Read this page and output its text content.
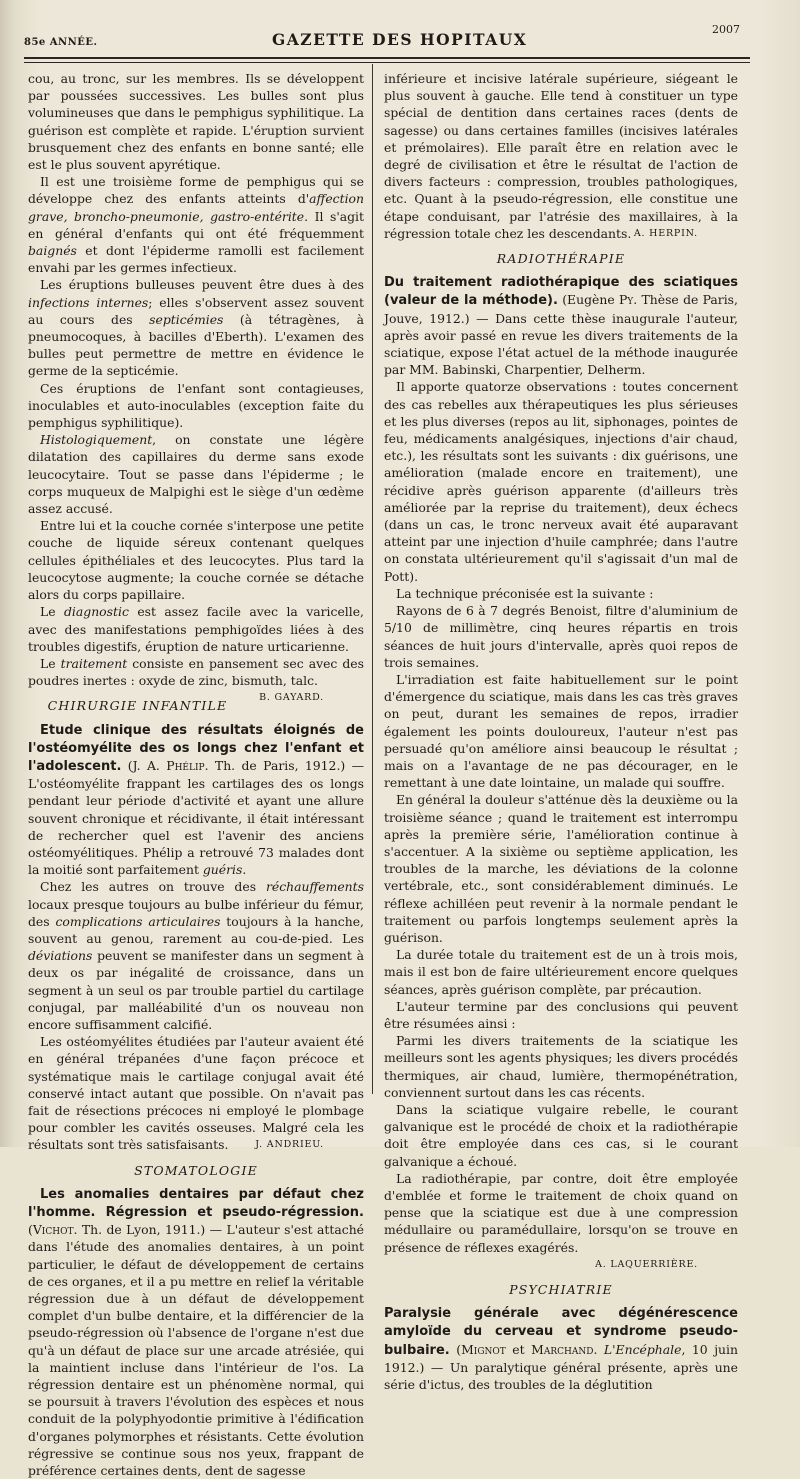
85e ANNÉE.	GAZETTE DES HOPITAUX
2007

cou, au tronc, sur les membres. Ils se développent par poussées successives. Les bulles sont plus volumineuses que dans le pemphigus syphilitique. La guérison est complète et rapide. L'éruption survient brusquement chez des enfants en bonne santé; elle est le plus souvent apyrétique.

Il est une troisième forme de pemphigus qui se développe chez des enfants atteints d'affection grave, broncho-pneumonie, gastro-entérite. Il s'agit en général d'enfants qui ont été fréquemment baignés et dont l'épiderme ramolli est facilement envahi par les germes infectieux.

Les éruptions bulleuses peuvent être dues à des infections internes; elles s'observent assez souvent au cours des septicémies (à tétragènes, à pneumocoques, à bacilles d'Eberth). L'examen des bulles peut permettre de mettre en évidence le germe de la septicémie.

Ces éruptions de l'enfant sont contagieuses, inoculables et auto-inoculables (exception faite du pemphigus syphilitique).

Histologiquement, on constate une légère dilatation des capillaires du derme sans exode leucocytaire. Tout se passe dans l'épiderme ; le corps muqueux de Malpighi est le siège d'un œdème assez accusé.

Entre lui et la couche cornée s'interpose une petite couche de liquide séreux contenant quelques cellules épithéliales et des leucocytes. Plus tard la leucocytose augmente; la couche cornée se détache alors du corps papillaire.

Le diagnostic est assez facile avec la varicelle, avec des manifestations pemphigoïdes liées à des troubles digestifs, éruption de nature urticarienne.

Le traitement consiste en pansement sec avec des poudres inertes : oxyde de zinc, bismuth, talc.
B. GAYARD.

CHIRURGIE INFANTILE

Etude clinique des résultats éloignés de l'ostéomyélite des os longs chez l'enfant et l'adolescent. (J. A. Phélip. Th. de Paris, 1912.) — L'ostéomyélite frappant les cartilages des os longs pendant leur période d'activité et ayant une allure souvent chronique et récidivante, il était intéressant de rechercher quel est l'avenir des anciens ostéomyélitiques. Phélip a retrouvé 73 malades dont la moitié sont parfaitement guéris.

Chez les autres on trouve des réchauffements locaux presque toujours au bulbe inférieur du fémur, des complications articulaires toujours à la hanche, souvent au genou, rarement au cou-de-pied. Les déviations peuvent se manifester dans un segment à deux os par inégalité de croissance, dans un segment à un seul os par trouble partiel du cartilage conjugal, par malléabilité d'un os nouveau non encore suffisamment calcifié.

Les ostéomyélites étudiées par l'auteur avaient été en général trépanées d'une façon précoce et systématique mais le cartilage conjugal avait été conservé intact autant que possible. On n'avait pas fait de résections précoces ni employé le plombage pour combler les cavités osseuses. Malgré cela les résultats sont très satisfaisants.	J. ANDRIEU.

STOMATOLOGIE

Les anomalies dentaires par défaut chez l'homme. Régression et pseudo-régression. (Vichot. Th. de Lyon, 1911.) — L'auteur s'est attaché dans l'étude des anomalies dentaires, à un point particulier, le défaut de développement de certains de ces organes, et il a pu mettre en relief la véritable régression due à un défaut de développement complet d'un bulbe dentaire, et la différencier de la pseudo-régression où l'absence de l'organe n'est due qu'à un défaut de place sur une arcade atrésiée, qui la maintient incluse dans l'intérieur de l'os. La régression dentaire est un phénomène normal, qui se poursuit à travers l'évolution des espèces et nous conduit de la polyphyodontie primitive à l'édification d'organes polymorphes et résistants. Cette évolution régressive se continue sous nos yeux, frappant de préférence certaines dents, dent de sagesse

inférieure et incisive latérale supérieure, siégeant le plus souvent à gauche. Elle tend à constituer un type spécial de dentition dans certaines races (dents de sagesse) ou dans certaines familles (incisives latérales et prémolaires). Elle paraît être en relation avec le degré de civilisation et être le résultat de l'action de divers facteurs : compression, troubles pathologiques, etc. Quant à la pseudo-régression, elle constitue une étape conduisant, par l'atrésie des maxillaires, à la régression totale chez les descendants. A. HERPIN.

RADIOTHÉRAPIE

Du traitement radiothérapique des sciatiques (valeur de la méthode). (Eugène Py. Thèse de Paris, Jouve, 1912.) — Dans cette thèse inaugurale l'auteur, après avoir passé en revue les divers traitements de la sciatique, expose l'état actuel de la méthode inaugurée par MM. Babinski, Charpentier, Delherm.

Il apporte quatorze observations : toutes concernent des cas rebelles aux thérapeutiques les plus sérieuses et les plus diverses (repos au lit, siphonages, pointes de feu, médicaments analgésiques, injections d'air chaud, etc.), les résultats sont les suivants : dix guérisons, une amélioration (malade encore en traitement), une récidive après guérison apparente (d'ailleurs très améliorée par la reprise du traitement), deux échecs (dans un cas, le tronc nerveux avait été auparavant atteint par une injection d'huile camphrée; dans l'autre on constata ultérieurement qu'il s'agissait d'un mal de Pott).

La technique préconisée est la suivante :

Rayons de 6 à 7 degrés Benoist, filtre d'aluminium de 5/10 de millimètre, cinq heures répartis en trois séances de huit jours d'intervalle, après quoi repos de trois semaines.

L'irradiation est faite habituellement sur le point d'émergence du sciatique, mais dans les cas très graves on peut, durant les semaines de repos, irradier également les points douloureux, l'auteur n'est pas persuadé qu'on améliore ainsi beaucoup le résultat ; mais on a l'avantage de ne pas décourager, en le remettant à une date lointaine, un malade qui souffre.

En général la douleur s'atténue dès la deuxième ou la troisième séance ; quand le traitement est interrompu après la première série, l'amélioration continue à s'accentuer. A la sixième ou septième application, les troubles de la marche, les déviations de la colonne vertébrale, etc., sont considérablement diminués. Le réflexe achilléen peut revenir à la normale pendant le traitement ou parfois longtemps seulement après la guérison.

La durée totale du traitement est de un à trois mois, mais il est bon de faire ultérieurement encore quelques séances, après guérison complète, par précaution.

L'auteur termine par des conclusions qui peuvent être résumées ainsi :

Parmi les divers traitements de la sciatique les meilleurs sont les agents physiques; les divers procédés thermiques, air chaud, lumière, thermopénétration, conviennent surtout dans les cas récents.

Dans la sciatique vulgaire rebelle, le courant galvanique est le procédé de choix et la radiothérapie doit être employée dans ces cas, si le courant galvanique a échoué.

La radiothérapie, par contre, doit être employée d'emblée et forme le traitement de choix quand on pense que la sciatique est due à une compression médullaire ou paramédullaire, lorsqu'on se trouve en présence de réflexes exagérés.

A. LAQUERRIÈRE.
PSYCHIATRIE

Paralysie générale avec dégénérescence amyloïde du cerveau et syndrome pseudo-bulbaire. (Mignot et Marchand. L'Encéphale, 10 juin 1912.) — Un paralytique général présente, après une série d'ictus, des troubles de la déglutition
